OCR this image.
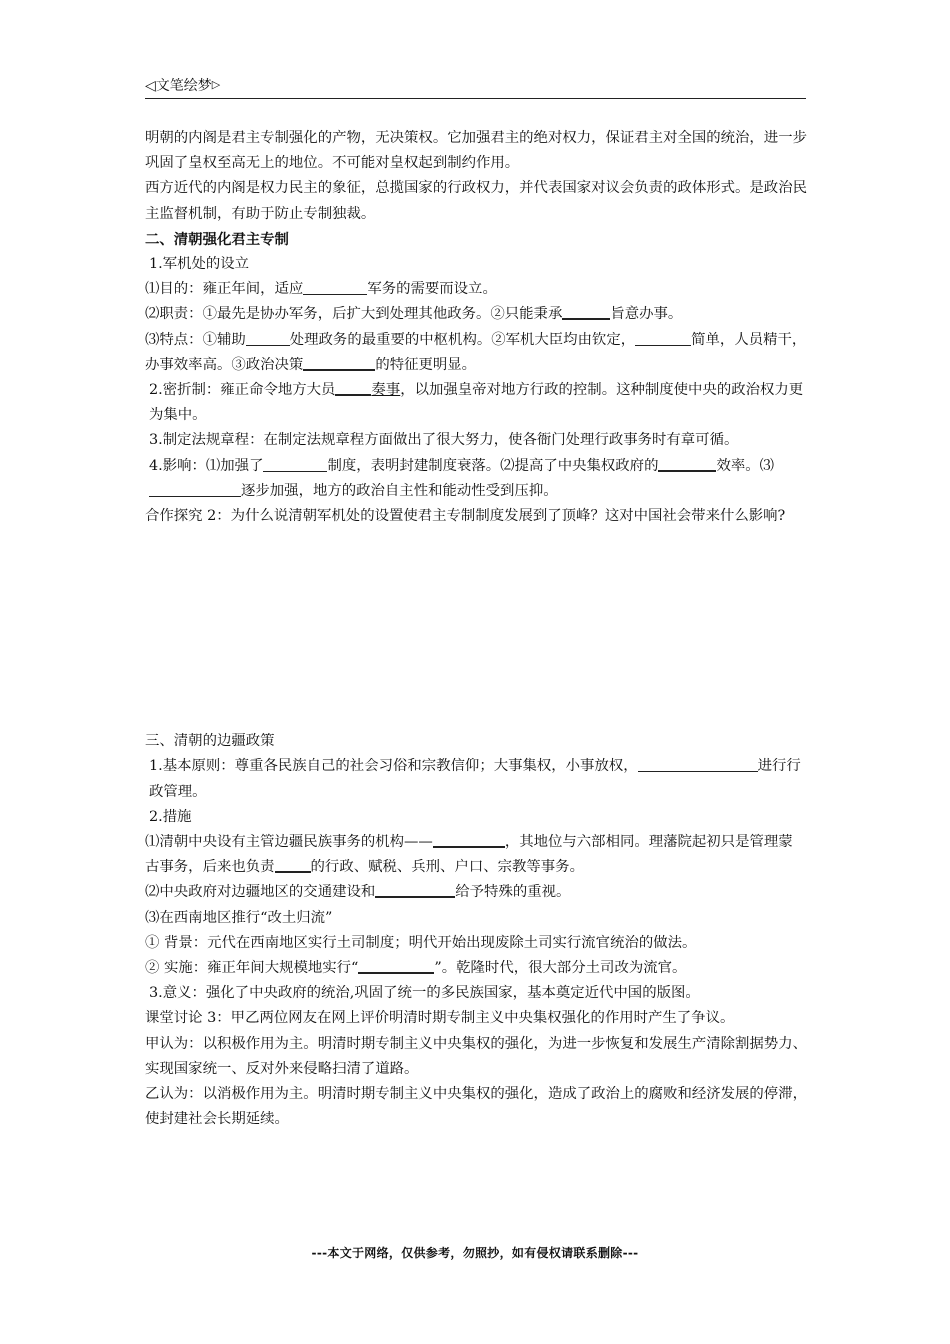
◁文笔绘梦▷

明朝的内阁是君主专制强化的产物，无决策权。它加强君主的绝对权力，保证君主对全国的统治，进一步巩固了皇权至高无上的地位。不可能对皇权起到制约作用。

西方近代的内阁是权力民主的象征，总揽国家的行政权力，并代表国家对议会负责的政体形式。是政治民主监督机制，有助于防止专制独裁。

二、清朝强化君主专制

1.军机处的设立

⑴目的：雍正年间，适应	军务的需要而设立。

⑵职责：①最先是协办军务，后扩大到处理其他政务。②只能秉承	旨意办事。

⑶特点：①辅助	处理政务的最重要的中枢机构。②军机大臣均由钦定，	简单，人员精干，办事效率高。③政治决策	的特征更明显。

2.密折制：雍正命令地方大员	奏事，以加强皇帝对地方行政的控制。这种制度使中央的政治权力更为集中。

3.制定法规章程：在制定法规章程方面做出了很大努力，使各衙门处理行政事务时有章可循。

4.影响：⑴加强了	制度，表明封建制度衰落。⑵提高了中央集权政府的	效率。⑶逐步加强，地方的政治自主性和能动性受到压抑。

合作探究 2：为什么说清朝军机处的设置使君主专制制度发展到了顶峰？这对中国社会带来什么影响?

三、清朝的边疆政策

1.基本原则：尊重各民族自己的社会习俗和宗教信仰；大事集权，小事放权，	进行行政管理。

2.措施

⑴清朝中央设有主管边疆民族事务的机构——	，其地位与六部相同。理藩院起初只是管理蒙古事务，后来也负责	的行政、赋税、兵刑、户口、宗教等事务。

⑵中央政府对边疆地区的交通建设和	给予特殊的重视。

⑶在西南地区推行“改土归流”

① 背景：元代在西南地区实行土司制度；明代开始出现废除土司实行流官统治的做法。

② 实施：雍正年间大规模地实行“	”。乾隆时代，很大部分土司改为流官。

3.意义：强化了中央政府的统治,巩固了统一的多民族国家，基本奠定近代中国的版图。

课堂讨论 3：甲乙两位网友在网上评价明清时期专制主义中央集权强化的作用时产生了争议。

甲认为：以积极作用为主。明清时期专制主义中央集权的强化，为进一步恢复和发展生产清除割据势力、实现国家统一、反对外来侵略扫清了道路。

乙认为：以消极作用为主。明清时期专制主义中央集权的强化，造成了政治上的腐败和经济发展的停滞，使封建社会长期延续。

---本文于网络，仅供参考，勿照抄，如有侵权请联系删除---
